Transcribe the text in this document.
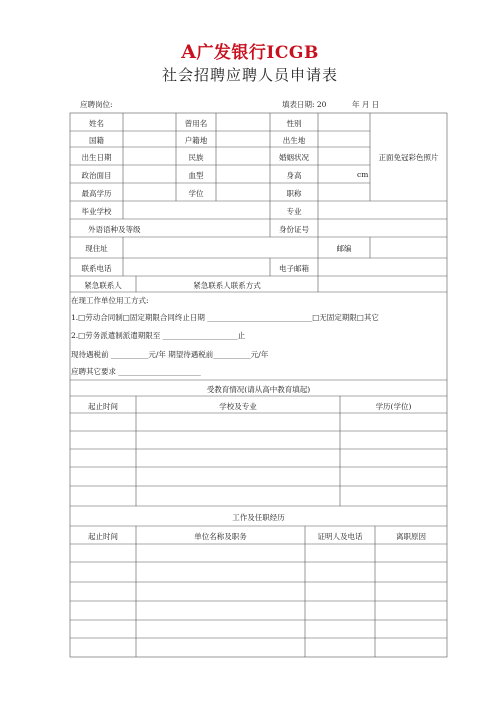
A广发银行ICGB
社会招聘应聘人员申请表
应聘岗位:	填表日期: 20	年 月 日
姓名	曾用名	性别
国籍	户籍地	出生地
出生日期	民族	婚姻状况
政治面目	血型	身高	cm
最高学历	学位	职称
正面免冠彩色照片
毕业学校	专业
外语语种及等级	身份证号
现住址	邮编
联系电话	电子邮箱
紧急联系人	紧急联系人联系方式
在现工作单位用工方式:
1.□劳动合同制□固定期限合同终止日期 ____________________________□无固定期限□其它
2.□劳务派遣制派遣期限至 ____________________止
现待遇税前 __________元/年 期望待遇税前__________元/年
应聘其它要求 ______________________
受教育情况(请从高中教育填起)
起止时间	学校及专业	学历(学位)
工作及任职经历
起止时间	单位名称及职务	证明人及电话	离职原因
